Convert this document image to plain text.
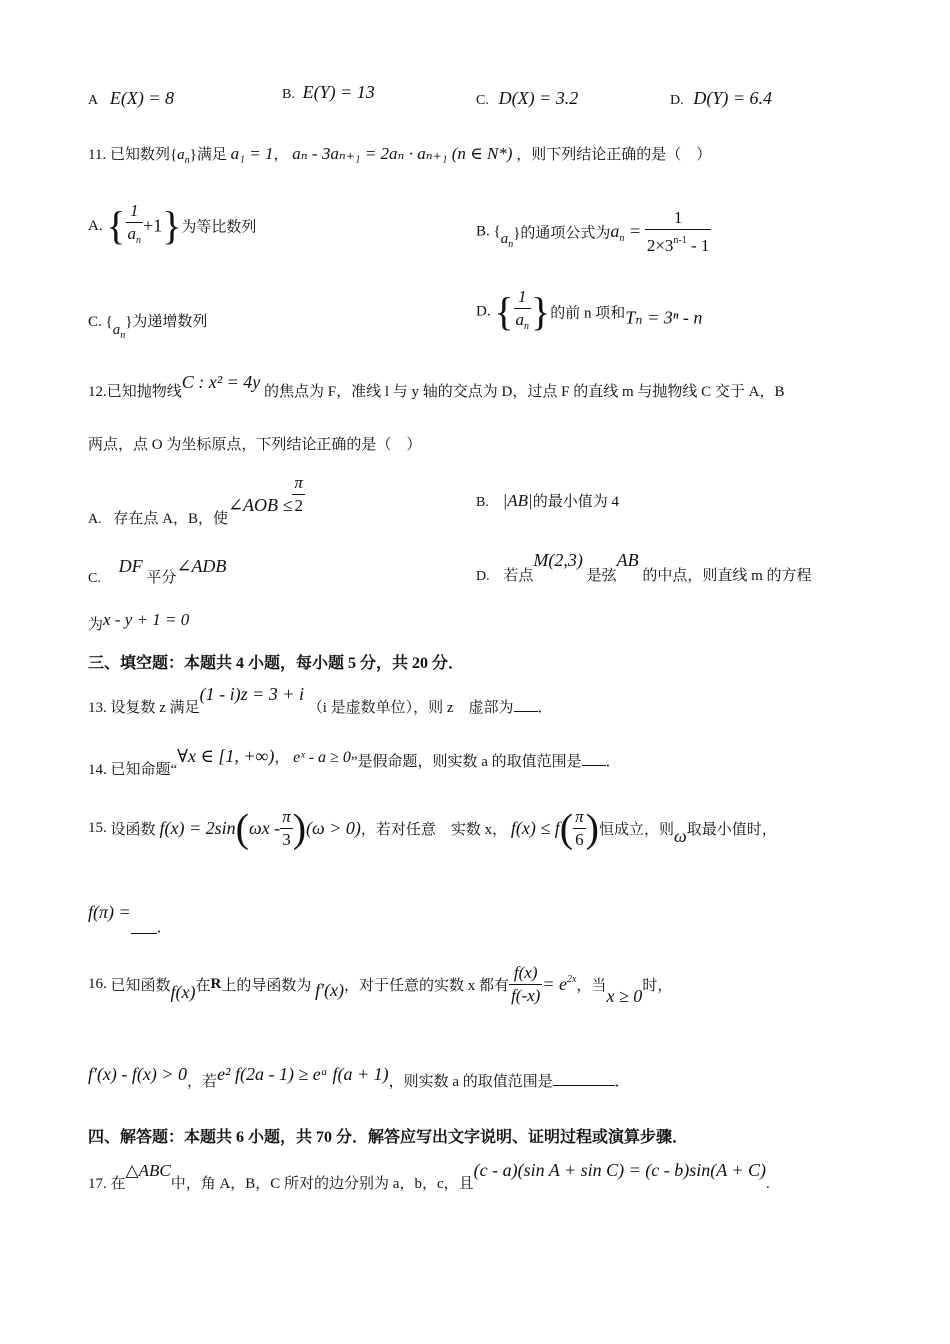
A E(X) = 8	B. E(Y) = 13	C. D(X) = 3.2	D. D(Y) = 6.4
11. 已知数列$\{a_n\}$满足 a₁ = 1， aₙ - 3aₙ₊₁ = 2aₙ · aₙ₊₁ (n ∈ N*) ，则下列结论正确的是（　）
A. { $\frac{1}{a_n} +1$}为等比数列	B. $\{a_n\}$的通项公式为$a_n = \frac{1}{2\times 3^{n-1} - 1}$
C. $\{a_n\}$为递增数列
D. { $\frac{1}{a_n}$ }的前 n 项和Tₙ = 3ⁿ - n
12.已知抛物线C : x² = 4y 的焦点为 F，准线 l 与 y 轴的交点为 D，过点 F 的直线 m 与抛物线 C 交于 A，B
两点，点 O 为坐标原点，下列结论正确的是（　）
A. 存在点 A，B，使∠AOB ≤ $\frac{\pi}{2}$	B. |AB|的最小值为 4
C. DF 平分∠ADB
D. 若点M(2,3) 是弦AB 的中点，则直线 m 的方程
为x - y + 1 = 0
三、填空题：本题共 4 小题，每小题 5 分，共 20 分．
13. 设复数 z 满足(1 - i)z = 3 + i （i 是虚数单位），则 z　虚部为 ．
14. 已知命题“∀x ∈ [1, +∞)， eˣ - a ≥ 0”是假命题，则实数 a 的取值范围是 ．
15. 设函数 $f(x) = 2\sin(\omega x - \frac{\pi}{3} )(\omega > 0)$，若对任意　实数 x， $f(x) \le f( \frac{\pi}{6}$ )恒成立，则ω取最小值时，
f(π) =．
16. 已知函数f(x)在R上的导函数为 f′(x)，对于任意的实数 x 都有 $\frac{f(x)}{f(-x)} = e^{2x}$，当x ≥ 0时，
f′(x) - f(x) > 0，若e² f(2a - 1) ≥ eᵃ f(a + 1)，则实数 a 的取值范围是	．
四、解答题：本题共 6 小题，共 70 分．解答应写出文字说明、证明过程或演算步骤．
17. 在△ABC中，角 A，B，C 所对的边分别为 a，b，c，且(c - a)(sin A + sin C) = (c - b)sin(A + C).
